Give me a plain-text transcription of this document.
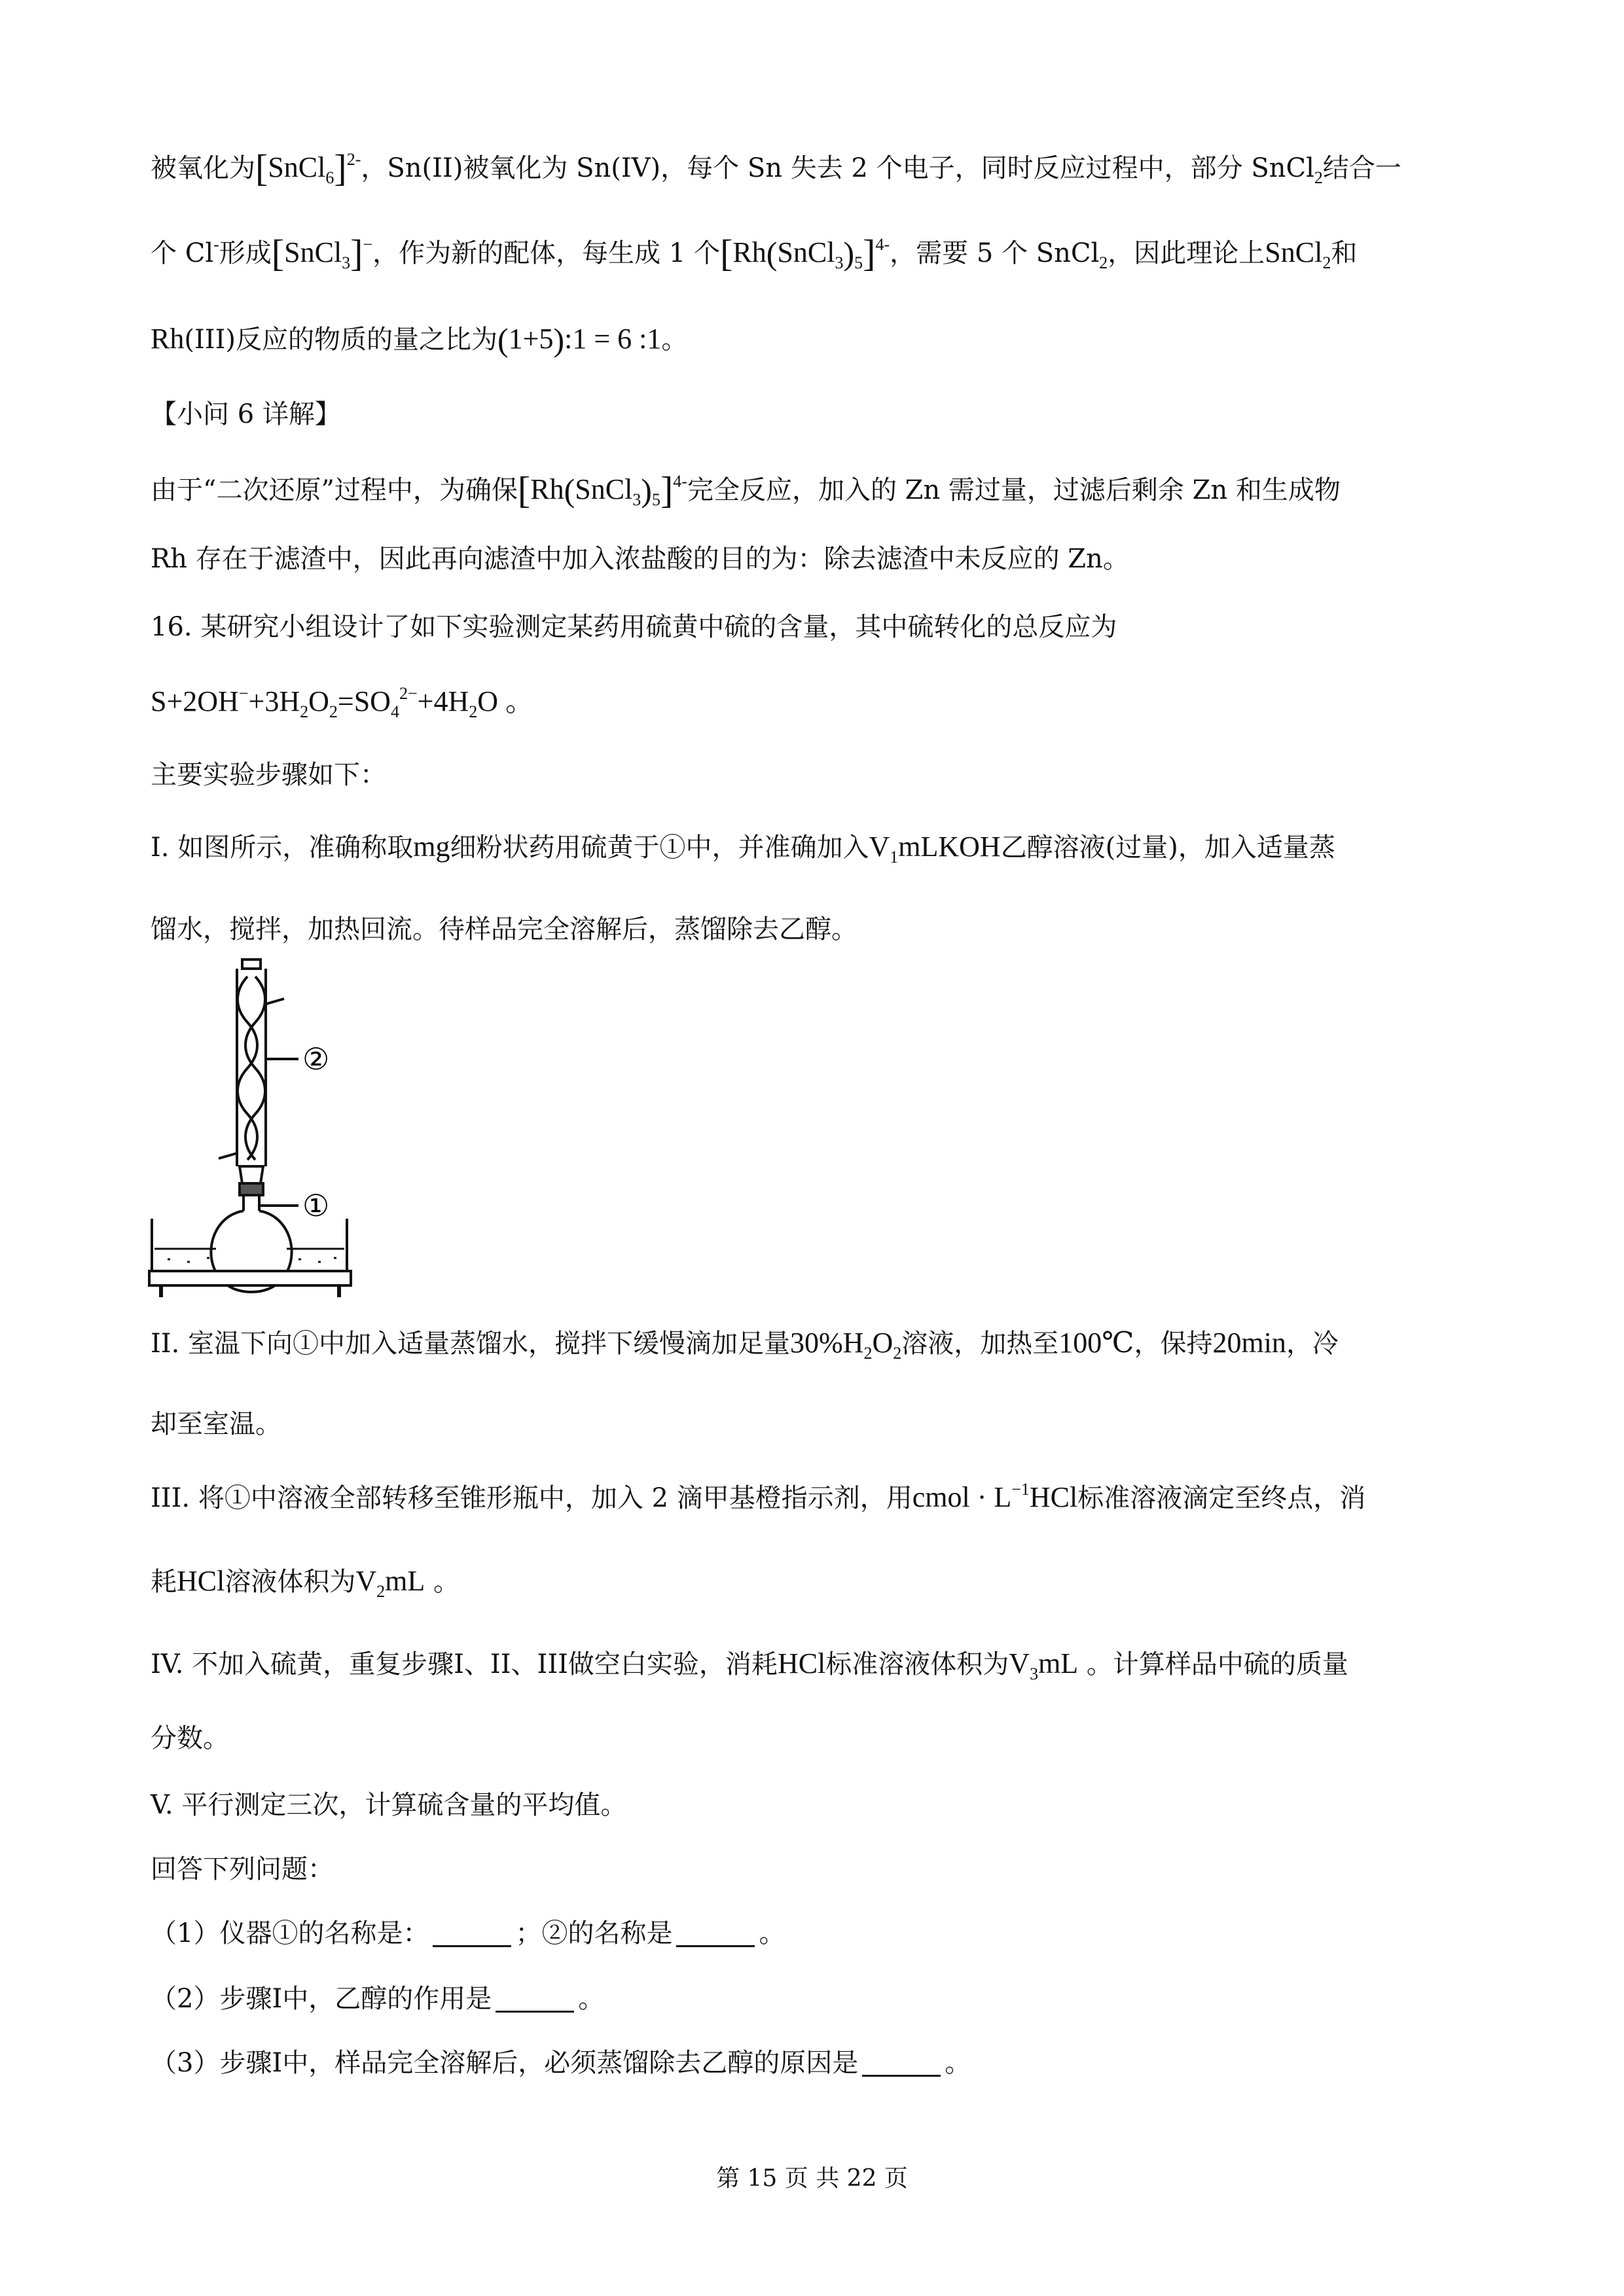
被氧化为[SnCl$_6$]$^{2-}$，Sn(II)被氧化为 Sn(IV)，每个 Sn 失去 2 个电子，同时反应过程中，部分 SnCl$_2$结合一
个 Cl-形成[SnCl$_3$]−，作为新的配体，每生成 1 个$[Rh(SnCl_3)_5]^{4-}$，需要 5 个 SnCl$_2$，因此理论上SnCl$_2$和
Rh(III)反应的物质的量之比为(1+5):1 = 6 :1。
【小问 6 详解】
由于“二次还原”过程中，为确保$[Rh(SnCl_3)_5]^{4-}$完全反应，加入的 Zn 需过量，过滤后剩余 Zn 和生成物
Rh 存在于滤渣中，因此再向滤渣中加入浓盐酸的目的为：除去滤渣中未反应的 Zn。
16. 某研究小组设计了如下实验测定某药用硫黄中硫的含量，其中硫转化的总反应为
$S+2OH^-+3H_2O_2=SO_4^{2-}+4H_2O$ 。
主要实验步骤如下：
I. 如图所示，准确称取mg细粉状药用硫黄于①中，并准确加入$V_1mLKOH$乙醇溶液(过量)，加入适量蒸
馏水，搅拌，加热回流。待样品完全溶解后，蒸馏除去乙醇。
②
①
II. 室温下向①中加入适量蒸馏水，搅拌下缓慢滴加足量$30\%H_2O_2$溶液，加热至100℃，保持20min，冷
却至室温。
III. 将①中溶液全部转移至锥形瓶中，加入 2 滴甲基橙指示剂，用cmol · $L^{-1}HCl$标准溶液滴定至终点，消
耗HCl溶液体积为$V_2mL$ 。
IV. 不加入硫黄，重复步骤I、II、III做空白实验，消耗HCl标准溶液体积为$V_3mL$ 。计算样品中硫的质量
分数。
V. 平行测定三次，计算硫含量的平均值。
回答下列问题：
（1）仪器①的名称是：	；②的名称是	。
（2）步骤I中，乙醇的作用是	。
（3）步骤I中，样品完全溶解后，必须蒸馏除去乙醇的原因是	。
第 15 页 共 22 页
